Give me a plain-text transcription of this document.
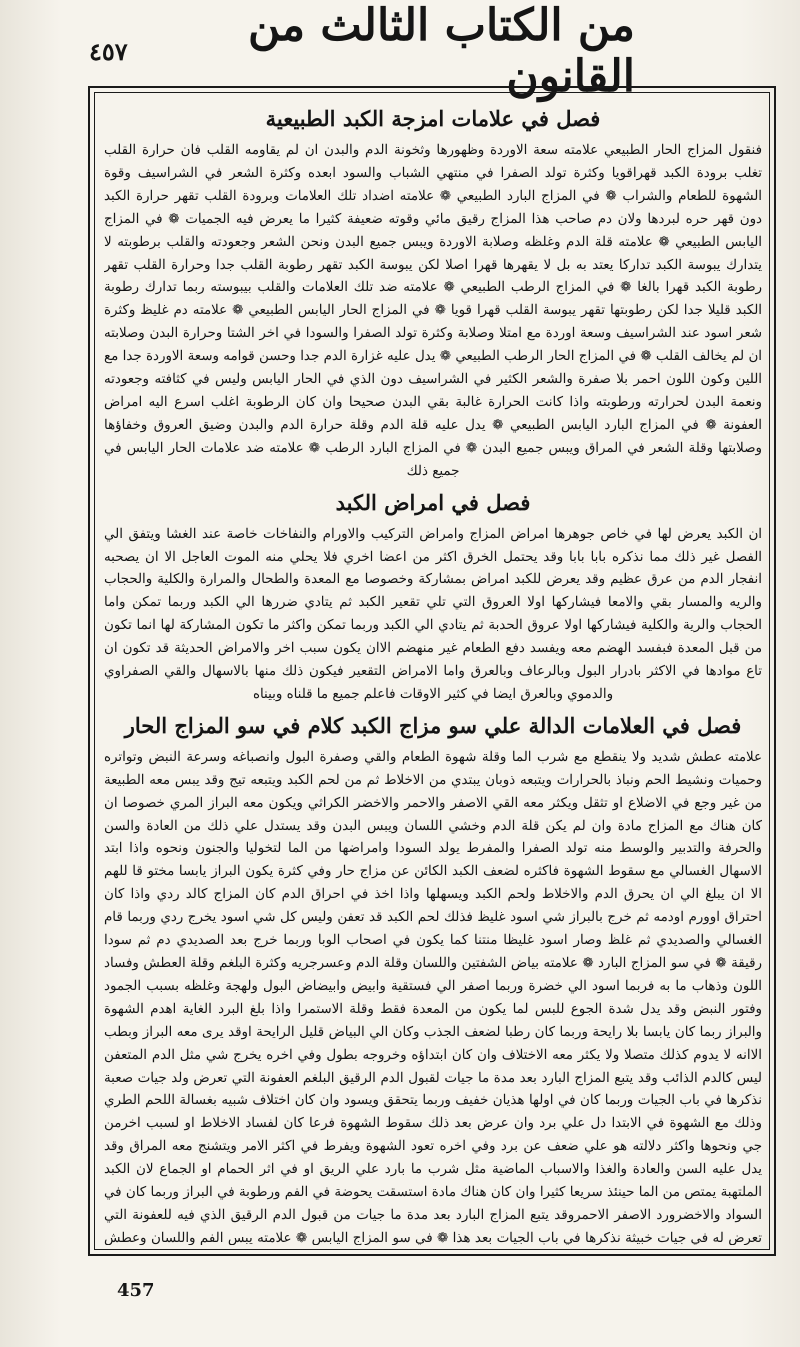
٤٥٧	من الكتاب الثالث من القانون
فصل في علامات امزجة الكبد الطبيعية

فنقول المزاج الحار الطبيعي علامته سعة الاوردة وظهورها وثخونة الدم والبدن ان لم يقاومه القلب فان حرارة القلب تغلب برودة الكبد قهراقويا وكثرة تولد الصفرا في منتهي الشباب والسود ابعده وكثرة الشعر في الشراسيف وقوة الشهوة للطعام والشراب ❁ في المزاج البارد الطبيعي ❁ علامته اضداد تلك العلامات وبرودة القلب تقهر حرارة الكبد دون قهر حره لبردها ولان دم صاحب هذا المزاج رقيق مائي وقوته ضعيفة كثيرا ما يعرض فيه الجميات ❁ في المزاج اليابس الطبيعي ❁ علامته قلة الدم وغلظه وصلابة الاوردة ويبس جميع البدن ونحن الشعر وجعودته والقلب برطوبته لا يتدارك يبوسة الكبد تداركا يعتد به بل لا يقهرها قهرا اصلا لكن يبوسة الكبد تقهر رطوبة القلب جدا وحرارة القلب تقهر رطوبة الكبد قهرا بالغا ❁ في المزاج الرطب الطبيعي ❁ علامته ضد تلك العلامات والقلب بيبوسته ربما تدارك رطوبة الكبد قليلا جدا لكن رطوبتها تقهر يبوسة القلب قهرا قويا ❁ في المزاج الحار اليابس الطبيعي ❁ علامته دم غليظ وكثرة شعر اسود عند الشراسيف وسعة اوردة مع امتلا وصلابة وكثرة تولد الصفرا والسودا في اخر الشتا وحرارة البدن وصلابته ان لم يخالف القلب ❁ في المزاج الحار الرطب الطبيعي ❁ يدل عليه غزارة الدم جدا وحسن قوامه وسعة الاوردة جدا مع اللين وكون اللون احمر بلا صفرة والشعر الكثير في الشراسيف دون الذي في الحار اليابس وليس في كثافته وجعودته ونعمة البدن لحرارته ورطوبته واذا كانت الحرارة غالبة بقي البدن صحيحا وان كان الرطوبة اغلب اسرع اليه امراض العفونة ❁ في المزاج البارد اليابس الطبيعي ❁ يدل عليه قلة الدم وقلة حرارة الدم والبدن وضيق العروق وخفاؤها وصلابتها وقلة الشعر في المراق ويبس جميع البدن ❁ في المزاج البارد الرطب ❁ علامته ضد علامات الحار اليابس في جميع ذلك

فصل في امراض الكبد

ان الكبد يعرض لها في خاص جوهرها امراض المزاج وامراض التركيب والاورام والنفاخات خاصة عند الغشا ويتفق الي الفصل غير ذلك مما نذكره بابا بابا وقد يحتمل الخرق اكثر من اعضا اخري فلا يحلي منه الموت العاجل الا ان يصحبه انفجار الدم من عرق عظيم وقد يعرض للكبد امراض بمشاركة وخصوصا مع المعدة والطحال والمرارة والكلية والحجاب والريه والمسار بقي والامعا فيشاركها اولا العروق التي تلي تقعير الكبد ثم يتادي ضررها الي الكبد وربما تمكن واما الحجاب والرية والكلية فيشاركها اولا عروق الحدبة ثم يتادي الي الكبد وربما تمكن واكثر ما تكون المشاركة لها انما تكون من قبل المعدة فبفسد الهضم معه ويفسد دفع الطعام غير منهضم الاان يكون سبب اخر والامراض الحديثة قد تكون ان تاع موادها في الاكثر بادرار البول وبالرعاف وبالعرق واما الامراض التقعير فيكون ذلك منها بالاسهال والقي الصفراوي والدموي وبالعرق ايضا في كثير الاوقات فاعلم جميع ما قلناه وبيناه

فصل في العلامات الدالة علي سو مزاج الكبد كلام في سو المزاج الحار

علامته عطش شديد ولا ينقطع مع شرب الما وقلة شهوة الطعام والقي وصفرة البول وانصباغه وسرعة النبض وتواتره وحميات ونشيط الحم ونباذ بالحرارات ويتبعه ذوبان يبتدي من الاخلاط ثم من لحم الكبد ويتبعه تيج وقد يبس معه الطبيعة من غير وجع في الاضلاع او تثقل ويكثر معه القي الاصفر والاحمر والاخضر الكراثي ويكون معه البراز المري خصوصا ان كان هناك مع المزاج مادة وان لم يكن قلة الدم وخشي اللسان ويبس البدن وقد يستدل علي ذلك من العادة والسن والحرفة والتدبير والوسط منه تولد الصفرا والمفرط يولد السودا وامراضها من الما لتخوليا والجنون ونحوه واذا ابتد الاسهال الغسالي مع سقوط الشهوة فاكثره لضعف الكبد الكائن عن مزاج حار وفي كثرة يكون البراز يابسا مختو قا للهم الا ان يبلغ الي ان يحرق الدم والاخلاط ولحم الكبد ويسهلها واذا اخذ في احراق الدم كان المزاج كالد ردي واذا كان احتراق اوورم اودمه ثم خرج بالبراز شي اسود غليظ فذلك لحم الكبد قد تعفن وليس كل شي اسود يخرج ردي وربما قام الغسالي والصديدي ثم غلظ وصار اسود غليظا منتنا كما يكون في اصحاب الوبا وربما خرج بعد الصديدي دم ثم سودا رقيقة ❁ في سو المزاج البارد ❁ علامته بياض الشفتين واللسان وقلة الدم وعسرجريه وكثرة البلغم وقلة العطش وفساد اللون وذهاب ما به فربما اسود الي خضرة وربما اصفر الي فستقية وابيض وابيضاض البول ولهجة وغلظه بسبب الجمود وفتور النبض وقد يدل شدة الجوع للبس لما يكون من المعدة فقط وقلة الاستمرا واذا بلغ البرد الغاية اهدم الشهوة والبراز ربما كان يابسا بلا رايحة وربما كان رطبا لضعف الجذب وكان الي البياض قليل الرايحة اوقد يرى معه البراز وبطب الاانه لا يدوم كذلك متصلا ولا يكثر معه الاختلاف وان كان ابتداؤه وخروجه بطول وفي اخره يخرج شي مثل الدم المتعفن ليس كالدم الذائب وقد يتبع المزاج البارد بعد مدة ما جيات لقبول الدم الرقيق البلغم العفونة التي تعرض ولد جيات صعبة نذكرها في باب الجيات وربما كان في اولها هذيان خفيف وربما يتحقق ويسود وان كان اختلاف شبيه بغسالة اللحم الطري وذلك مع الشهوة في الابتدا دل علي برد وان عرض بعد ذلك سقوط الشهوة فرعا كان لفساد الاخلاط او لسبب اخرمن جي ونحوها واكثر دلالته هو علي ضعف عن برد وفي اخره تعود الشهوة ويفرط في اكثر الامر ويتشنج معه المراق وقد يدل عليه السن والعادة والغذا والاسباب الماضية مثل شرب ما بارد علي الريق او في اثر الحمام او الجماع لان الكبد الملتهبة يمتص من الما حينئذ سريعا كثيرا وان كان هناك مادة استسقت يحوضة في الفم ورطوبة في البراز وربما كان في السواد والاخضرورد الاصفر الاحمروقد يتبع المزاج البارد بعد مدة ما جيات من قبول الدم الرقيق الذي فيه للعفونة التي تعرض له في جيات خبيثة نذكرها في باب الجيات بعد هذا ❁ في سو المزاج اليابس ❁ علامته يبس الفم واللسان وعطش

457
